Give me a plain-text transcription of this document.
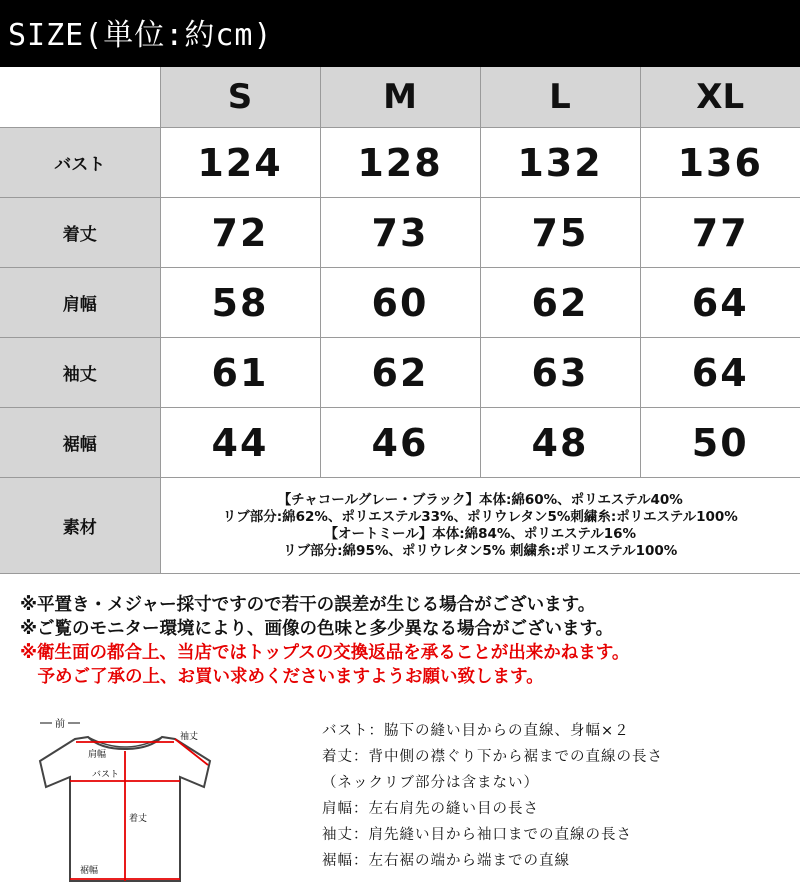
SIZE(単位:約cm)
	S	M	L	XL
バスト	124	128	132	136
着丈	72	73	75	77
肩幅	58	60	62	64
袖丈	61	62	63	64
裾幅	44	46	48	50
素材	【チャコールグレー・ブラック】本体:綿60%、ポリエステル40%
リブ部分:綿62%、ポリエステル33%、ポリウレタン5%刺繍糸:ポリエステル100%
【オートミール】本体:綿84%、ポリエステル16%
リブ部分:綿95%、ポリウレタン5% 刺繍糸:ポリエステル100%			
※平置き・メジャー採寸ですので若干の誤差が生じる場合がございます。
※ご覧のモニター環境により、画像の色味と多少異なる場合がございます。
※衛生面の都合上、当店ではトップスの交換返品を承ることが出来かねます。
　予めご了承の上、お買い求めくださいますようお願い致します。
前
肩幅
袖丈
バスト
着丈
裾幅
バスト：脇下の縫い目からの直線、身幅×２
着丈：背中側の襟ぐり下から裾までの直線の長さ
（ネックリブ部分は含まない）
肩幅：左右肩先の縫い目の長さ
袖丈：肩先縫い目から袖口までの直線の長さ
裾幅：左右裾の端から端までの直線
